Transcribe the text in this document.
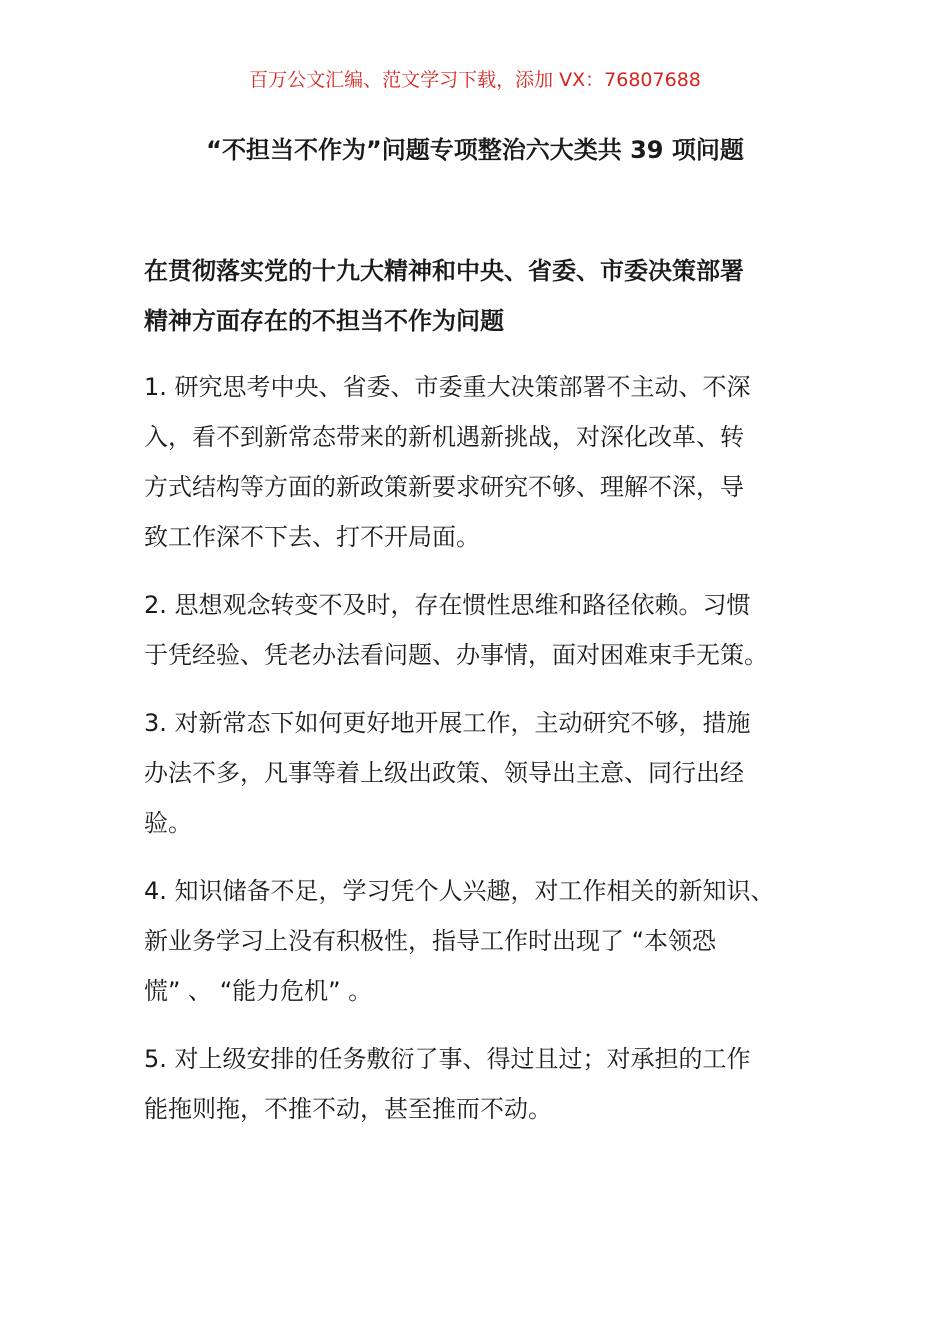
百万公文汇编、范文学习下载，添加 VX：76807688
“不担当不作为”问题专项整治六大类共 39 项问题
在贯彻落实党的十九大精神和中央、省委、市委决策部署
精神方面存在的不担当不作为问题
1. 研究思考中央、省委、市委重大决策部署不主动、不深
入，看不到新常态带来的新机遇新挑战，对深化改革、转
方式结构等方面的新政策新要求研究不够、理解不深，导
致工作深不下去、打不开局面。
2. 思想观念转变不及时，存在惯性思维和路径依赖。习惯
于凭经验、凭老办法看问题、办事情，面对困难束手无策。
3. 对新常态下如何更好地开展工作，主动研究不够，措施
办法不多，凡事等着上级出政策、领导出主意、同行出经
验。
4. 知识储备不足，学习凭个人兴趣，对工作相关的新知识、
新业务学习上没有积极性，指导工作时出现了 “本领恐
慌” 、 “能力危机” 。
5. 对上级安排的任务敷衍了事、得过且过；对承担的工作
能拖则拖，不推不动，甚至推而不动。
